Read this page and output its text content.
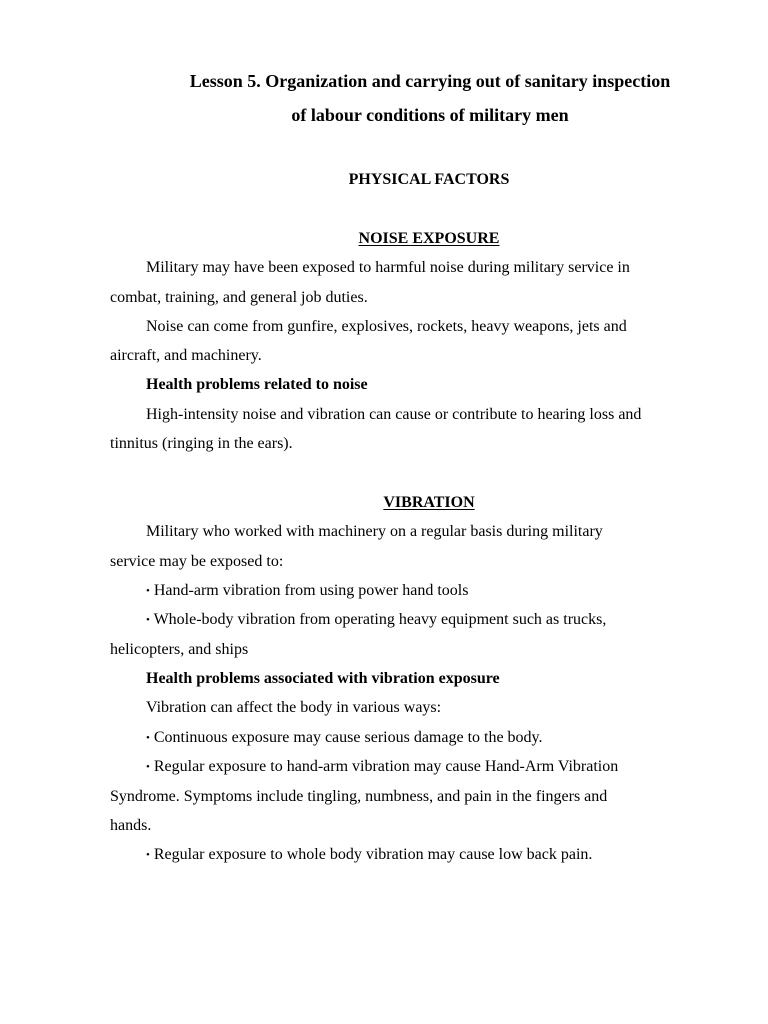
Lesson 5. Organization and carrying out of sanitary inspection
of labour conditions of military men
PHYSICAL FACTORS
NOISE EXPOSURE
Military may have been exposed to harmful noise during military service in
combat, training, and general job duties.
Noise can come from gunfire, explosives, rockets, heavy weapons, jets and
aircraft, and machinery.
Health problems related to noise
High-intensity noise and vibration can cause or contribute to hearing loss and
tinnitus (ringing in the ears).
VIBRATION
Military who worked with machinery on a regular basis during military
service may be exposed to:
• Hand-arm vibration from using power hand tools
• Whole-body vibration from operating heavy equipment such as trucks,
helicopters, and ships
Health problems associated with vibration exposure
Vibration can affect the body in various ways:
• Continuous exposure may cause serious damage to the body.
• Regular exposure to hand-arm vibration may cause Hand-Arm Vibration
Syndrome. Symptoms include tingling, numbness, and pain in the fingers and
hands.
• Regular exposure to whole body vibration may cause low back pain.
